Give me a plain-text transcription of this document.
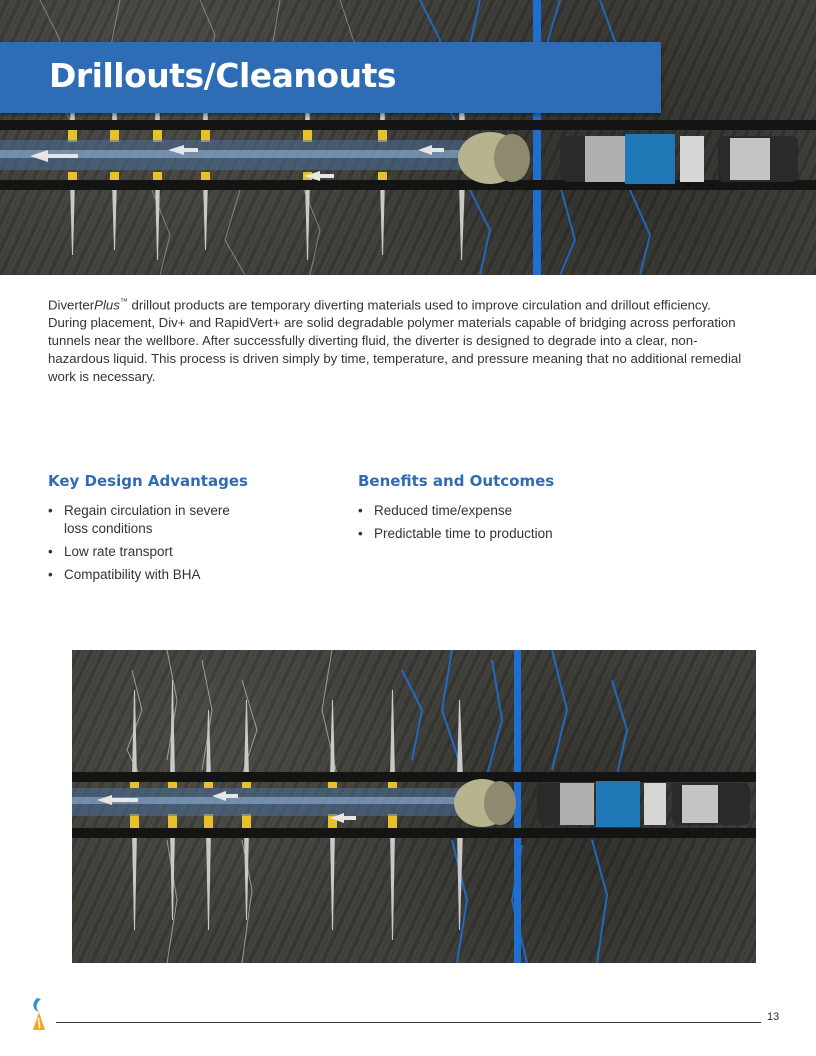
Drillouts/Cleanouts

DiverterPlus™ drillout products are temporary diverting materials used to improve circulation and drillout efficiency. During placement, Div+ and RapidVert+ are solid degradable polymer materials capable of bridging across perforation tunnels near the wellbore. After successfully diverting fluid, the diverter is designed to degrade into a clear, non-hazardous liquid. This process is driven simply by time, temperature, and pressure meaning that no additional remedial work is necessary.

Key Design Advantages
• Regain circulation in severe loss conditions
• Low rate transport
• Compatibility with BHA
Benefits and Outcomes
• Reduced time/expense
• Predictable time to production
13
